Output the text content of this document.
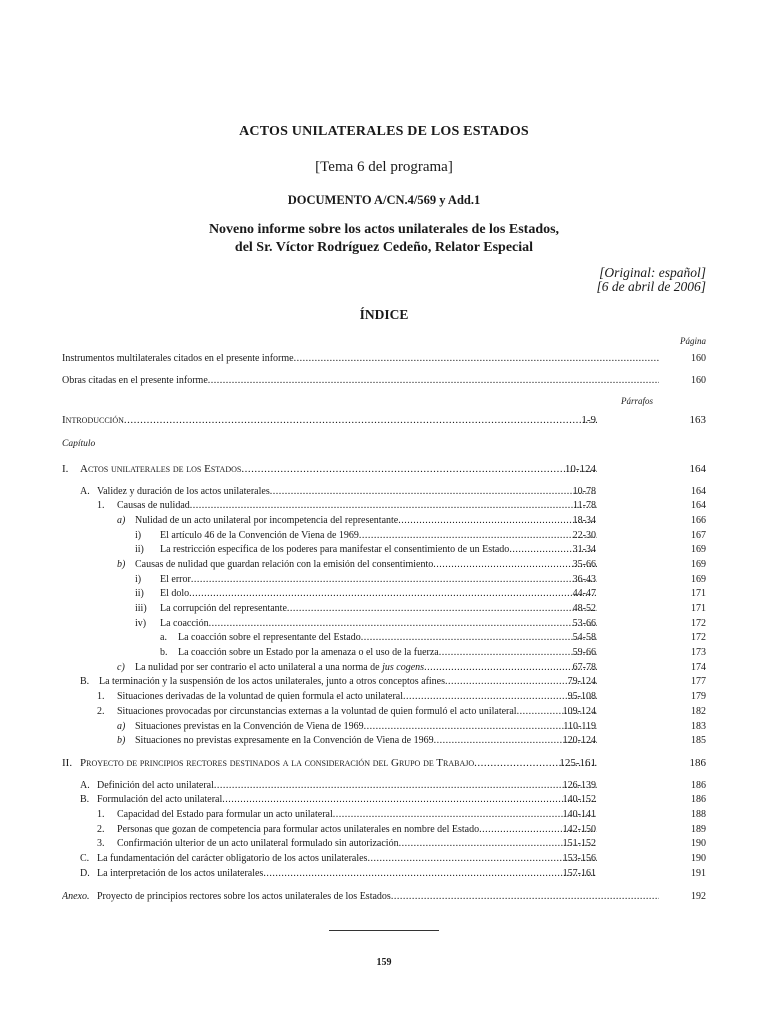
ACTOS UNILATERALES DE LOS ESTADOS

[Tema 6 del programa]

DOCUMENTO A/CN.4/569 y Add.1

Noveno informe sobre los actos unilaterales de los Estados,
del Sr. Víctor Rodríguez Cedeño, Relator Especial

[Original: español]
[6 de abril de 2006]

ÍNDICE

Página
Instrumentos multilaterales citados en el presente informe .....	160
Obras citadas en el presente informe .....	160
Párrafos
Introducción .....	1-9	163
I. Actos unilaterales de los Estados .....	10-124	164
A. Validez y duración de los actos unilaterales .....	10-78	164
1. Causas de nulidad .....	11-78	164
a) Nulidad de un acto unilateral por incompetencia del representante .....	18-34	166
i) El artículo 46 de la Convención de Viena de 1969 .....	22-30	167
ii) La restricción específica de los poderes para manifestar el consentimiento de un Estado .....	31-34	169
b) Causas de nulidad que guardan relación con la emisión del consentimiento .....	35-66	169
i) El error .....	36-43	169
ii) El dolo .....	44-47	171
iii) La corrupción del representante .....	48-52	171
iv) La coacción .....	53-66	172
a. La coacción sobre el representante del Estado .....	54-58	172
b. La coacción sobre un Estado por la amenaza o el uso de la fuerza .....	59-66	173
c) La nulidad por ser contrario el acto unilateral a una norma de jus cogens .....	67-78	174
B. La terminación y la suspensión de los actos unilaterales, junto a otros conceptos afines .....	79-124	177
1. Situaciones derivadas de la voluntad de quien formula el acto unilateral .....	95-108	179
2. Situaciones provocadas por circunstancias externas a la voluntad de quien formuló el acto unilateral .....	109-124	182
a) Situaciones previstas en la Convención de Viena de 1969 .....	110-119	183
b) Situaciones no previstas expresamente en la Convención de Viena de 1969 .....	120-124	185
II. Proyecto de principios rectores destinados a la consideración del Grupo de Trabajo .....	125-161	186
A. Definición del acto unilateral .....	126-139	186
B. Formulación del acto unilateral .....	140-152	186
1. Capacidad del Estado para formular un acto unilateral .....	140-141	188
2. Personas que gozan de competencia para formular actos unilaterales en nombre del Estado .....	142-150	189
3. Confirmación ulterior de un acto unilateral formulado sin autorización .....	151-152	190
C. La fundamentación del carácter obligatorio de los actos unilaterales .....	153-156	190
D. La interpretación de los actos unilaterales .....	157-161	191
Capítulo
Anexo. Proyecto de principios rectores sobre los actos unilaterales de los Estados .....	192
159
